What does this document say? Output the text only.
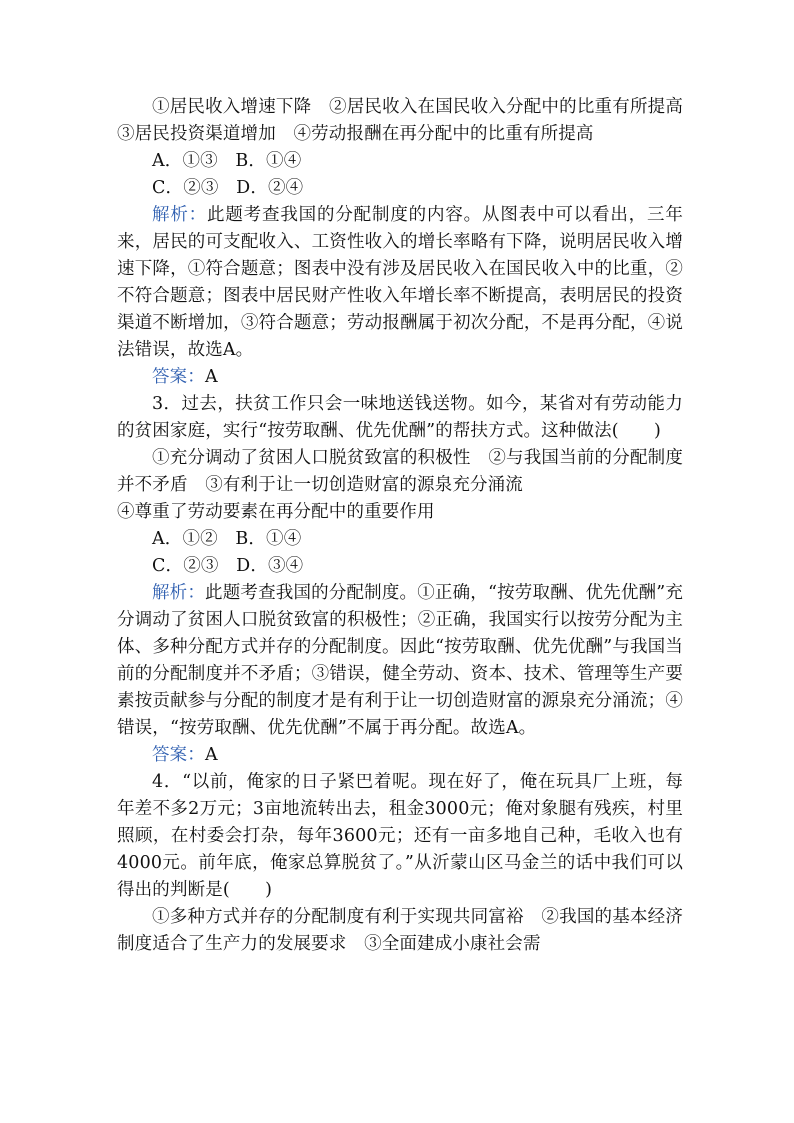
①居民收入增速下降　②居民收入在国民收入分配中的比重有所提高　③居民投资渠道增加　④劳动报酬在再分配中的比重有所提高

A．①③　B．①④

C．②③　D．②④

解析：此题考查我国的分配制度的内容。从图表中可以看出，三年来，居民的可支配收入、工资性收入的增长率略有下降，说明居民收入增速下降，①符合题意；图表中没有涉及居民收入在国民收入中的比重，②不符合题意；图表中居民财产性收入年增长率不断提高，表明居民的投资渠道不断增加，③符合题意；劳动报酬属于初次分配，不是再分配，④说法错误，故选A。

答案：A

3．过去，扶贫工作只会一味地送钱送物。如今，某省对有劳动能力的贫困家庭，实行“按劳取酬、优先优酬”的帮扶方式。这种做法(　　)

①充分调动了贫困人口脱贫致富的积极性　②与我国当前的分配制度并不矛盾　③有利于让一切创造财富的源泉充分涌流

④尊重了劳动要素在再分配中的重要作用

A．①②　B．①④

C．②③　D．③④

解析：此题考查我国的分配制度。①正确，“按劳取酬、优先优酬”充分调动了贫困人口脱贫致富的积极性；②正确，我国实行以按劳分配为主体、多种分配方式并存的分配制度。因此“按劳取酬、优先优酬”与我国当前的分配制度并不矛盾；③错误，健全劳动、资本、技术、管理等生产要素按贡献参与分配的制度才是有利于让一切创造财富的源泉充分涌流；④错误，“按劳取酬、优先优酬”不属于再分配。故选A。

答案：A

4．“以前，俺家的日子紧巴着呢。现在好了，俺在玩具厂上班，每年差不多2万元；3亩地流转出去，租金3000元；俺对象腿有残疾，村里照顾，在村委会打杂，每年3600元；还有一亩多地自己种，毛收入也有4000元。前年底，俺家总算脱贫了。”从沂蒙山区马金兰的话中我们可以得出的判断是(　　)

①多种方式并存的分配制度有利于实现共同富裕　②我国的基本经济制度适合了生产力的发展要求　③全面建成小康社会需
